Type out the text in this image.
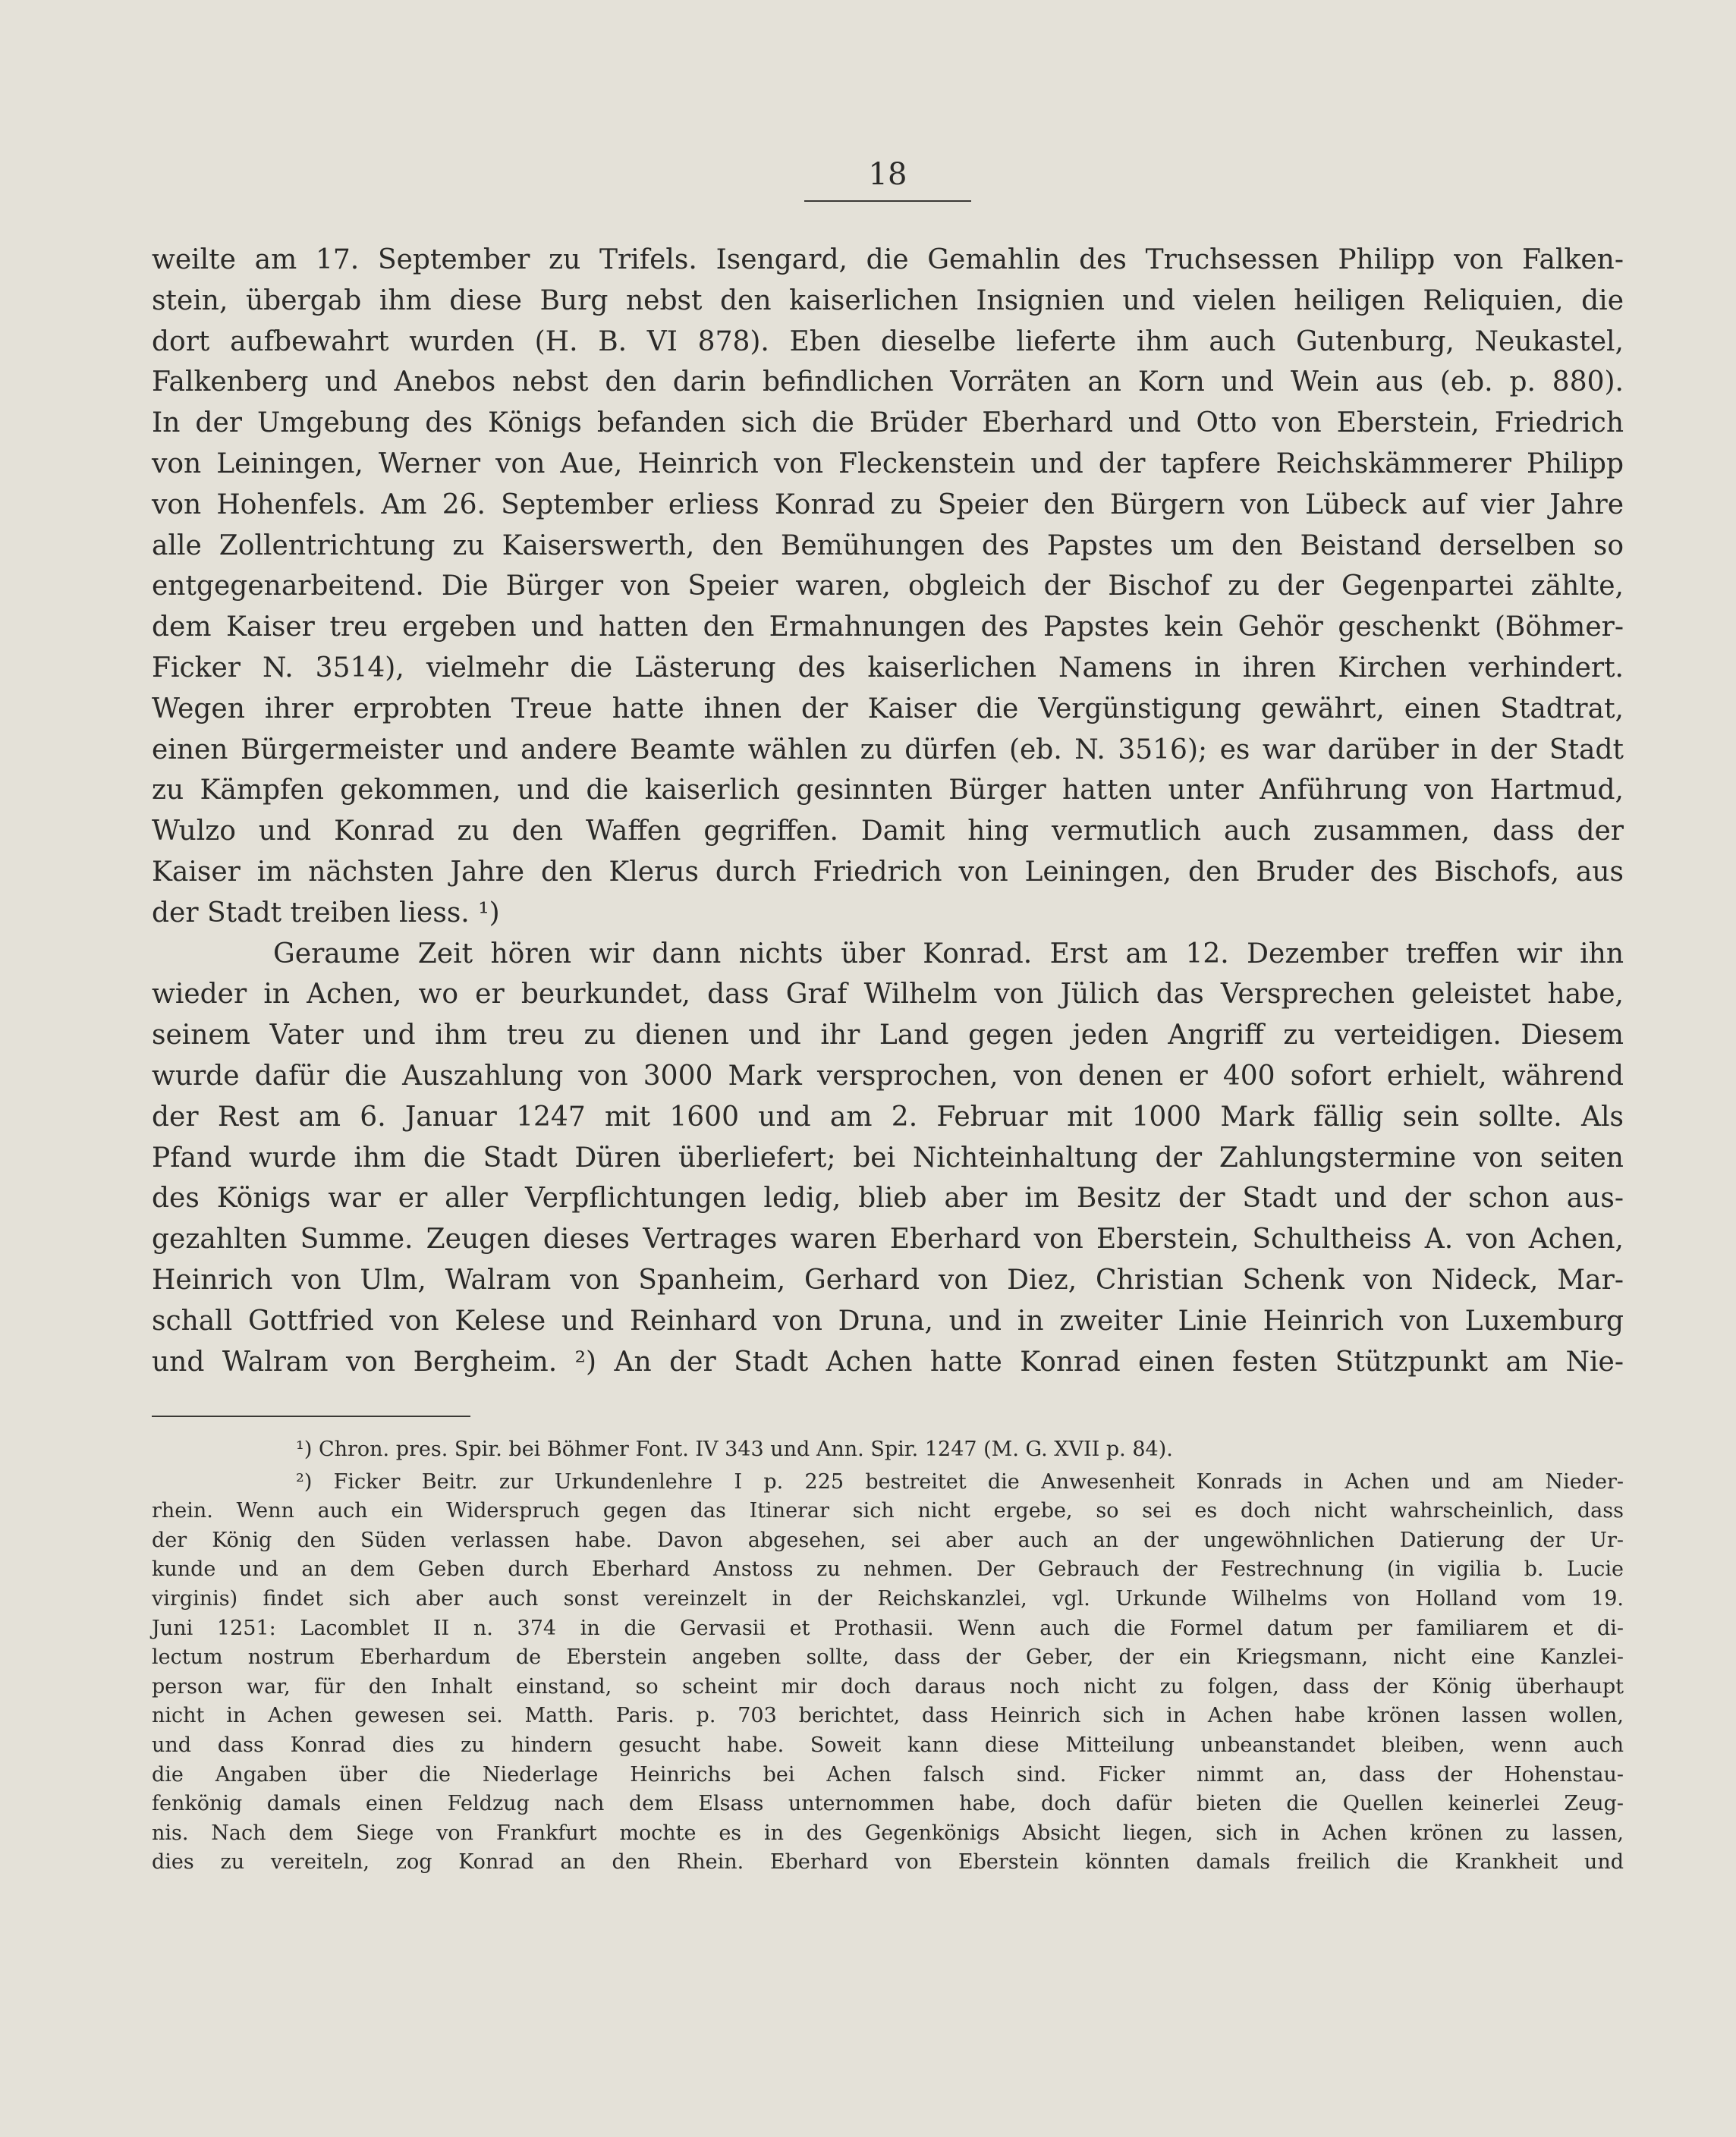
18
weilte am 17. September zu Trifels. Isengard, die Gemahlin des Truchsessen Philipp von Falken-
stein, übergab ihm diese Burg nebst den kaiserlichen Insignien und vielen heiligen Reliquien, die
dort aufbewahrt wurden (H. B. VI 878). Eben dieselbe lieferte ihm auch Gutenburg, Neukastel,
Falkenberg und Anebos nebst den darin befindlichen Vorräten an Korn und Wein aus (eb. p. 880).
In der Umgebung des Königs befanden sich die Brüder Eberhard und Otto von Eberstein, Friedrich
von Leiningen, Werner von Aue, Heinrich von Fleckenstein und der tapfere Reichskämmerer Philipp
von Hohenfels. Am 26. September erliess Konrad zu Speier den Bürgern von Lübeck auf vier Jahre
alle Zollentrichtung zu Kaiserswerth, den Bemühungen des Papstes um den Beistand derselben so
entgegenarbeitend. Die Bürger von Speier waren, obgleich der Bischof zu der Gegenpartei zählte,
dem Kaiser treu ergeben und hatten den Ermahnungen des Papstes kein Gehör geschenkt (Böhmer-
Ficker N. 3514), vielmehr die Lästerung des kaiserlichen Namens in ihren Kirchen verhindert.
Wegen ihrer erprobten Treue hatte ihnen der Kaiser die Vergünstigung gewährt, einen Stadtrat,
einen Bürgermeister und andere Beamte wählen zu dürfen (eb. N. 3516); es war darüber in der Stadt
zu Kämpfen gekommen, und die kaiserlich gesinnten Bürger hatten unter Anführung von Hartmud,
Wulzo und Konrad zu den Waffen gegriffen. Damit hing vermutlich auch zusammen, dass der
Kaiser im nächsten Jahre den Klerus durch Friedrich von Leiningen, den Bruder des Bischofs, aus
der Stadt treiben liess. ¹)
Geraume Zeit hören wir dann nichts über Konrad. Erst am 12. Dezember treffen wir ihn
wieder in Achen, wo er beurkundet, dass Graf Wilhelm von Jülich das Versprechen geleistet habe,
seinem Vater und ihm treu zu dienen und ihr Land gegen jeden Angriff zu verteidigen. Diesem
wurde dafür die Auszahlung von 3000 Mark versprochen, von denen er 400 sofort erhielt, während
der Rest am 6. Januar 1247 mit 1600 und am 2. Februar mit 1000 Mark fällig sein sollte. Als
Pfand wurde ihm die Stadt Düren überliefert; bei Nichteinhaltung der Zahlungstermine von seiten
des Königs war er aller Verpflichtungen ledig, blieb aber im Besitz der Stadt und der schon aus-
gezahlten Summe. Zeugen dieses Vertrages waren Eberhard von Eberstein, Schultheiss A. von Achen,
Heinrich von Ulm, Walram von Spanheim, Gerhard von Diez, Christian Schenk von Nideck, Mar-
schall Gottfried von Kelese und Reinhard von Druna, und in zweiter Linie Heinrich von Luxemburg
und Walram von Bergheim. ²) An der Stadt Achen hatte Konrad einen festen Stützpunkt am Nie-
¹) Chron. pres. Spir. bei Böhmer Font. IV 343 und Ann. Spir. 1247 (M. G. XVII p. 84).
²) Ficker Beitr. zur Urkundenlehre I p. 225 bestreitet die Anwesenheit Konrads in Achen und am Nieder-
rhein. Wenn auch ein Widerspruch gegen das Itinerar sich nicht ergebe, so sei es doch nicht wahrscheinlich, dass
der König den Süden verlassen habe. Davon abgesehen, sei aber auch an der ungewöhnlichen Datierung der Ur-
kunde und an dem Geben durch Eberhard Anstoss zu nehmen. Der Gebrauch der Festrechnung (in vigilia b. Lucie
virginis) findet sich aber auch sonst vereinzelt in der Reichskanzlei, vgl. Urkunde Wilhelms von Holland vom 19.
Juni 1251: Lacomblet II n. 374 in die Gervasii et Prothasii. Wenn auch die Formel datum per familiarem et di-
lectum nostrum Eberhardum de Eberstein angeben sollte, dass der Geber, der ein Kriegsmann, nicht eine Kanzlei-
person war, für den Inhalt einstand, so scheint mir doch daraus noch nicht zu folgen, dass der König überhaupt
nicht in Achen gewesen sei. Matth. Paris. p. 703 berichtet, dass Heinrich sich in Achen habe krönen lassen wollen,
und dass Konrad dies zu hindern gesucht habe. Soweit kann diese Mitteilung unbeanstandet bleiben, wenn auch
die Angaben über die Niederlage Heinrichs bei Achen falsch sind. Ficker nimmt an, dass der Hohenstau-
fenkönig damals einen Feldzug nach dem Elsass unternommen habe, doch dafür bieten die Quellen keinerlei Zeug-
nis. Nach dem Siege von Frankfurt mochte es in des Gegenkönigs Absicht liegen, sich in Achen krönen zu lassen,
dies zu vereiteln, zog Konrad an den Rhein. Eberhard von Eberstein könnten damals freilich die Krankheit und
